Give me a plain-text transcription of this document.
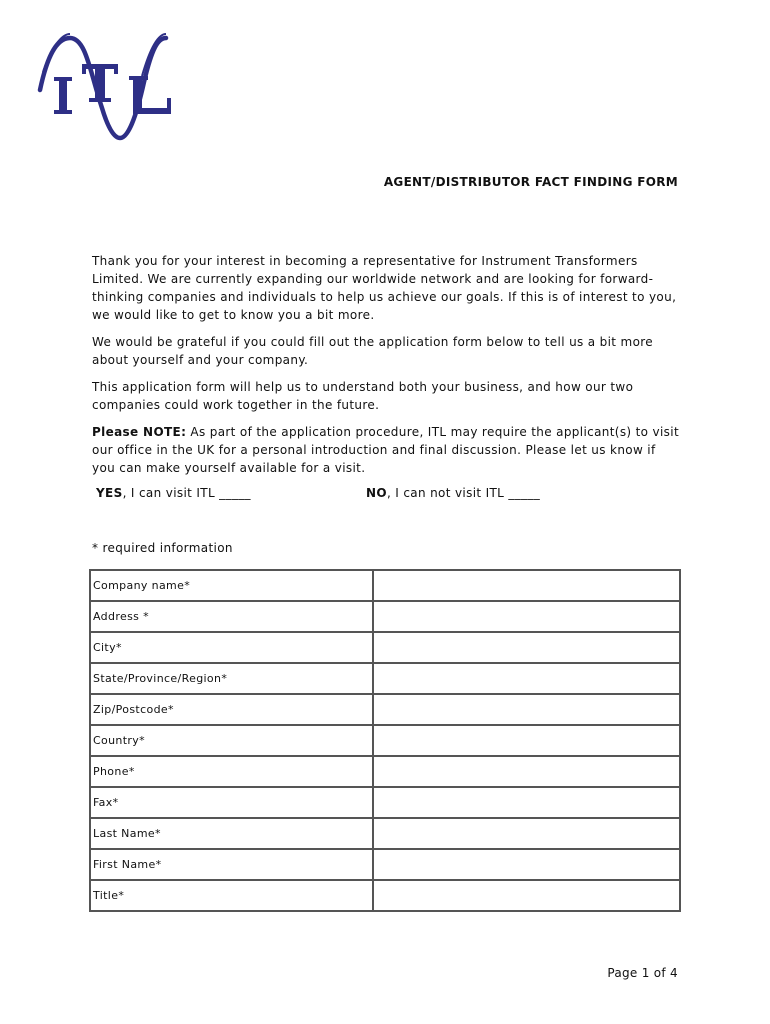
AGENT/DISTRIBUTOR FACT FINDING FORM

Thank you for your interest in becoming a representative for Instrument Transformers Limited. We are currently expanding our worldwide network and are looking for forward-thinking companies and individuals to help us achieve our goals. If this is of interest to you, we would like to get to know you a bit more.

We would be grateful if you could fill out the application form below to tell us a bit more about yourself and your company.

This application form will help us to understand both your business, and how our two companies could work together in the future.

Please NOTE: As part of the application procedure, ITL may require the applicant(s) to visit our office in the UK for a personal introduction and final discussion. Please let us know if you can make yourself available for a visit.

YES, I can visit ITL _____	NO, I can not visit ITL _____
* required information
Company name*	
Address *	
City*	
State/Province/Region*	
Zip/Postcode*	
Country*	
Phone*	
Fax*	
Last Name*	
First Name*	
Title*	
Page 1 of 4
